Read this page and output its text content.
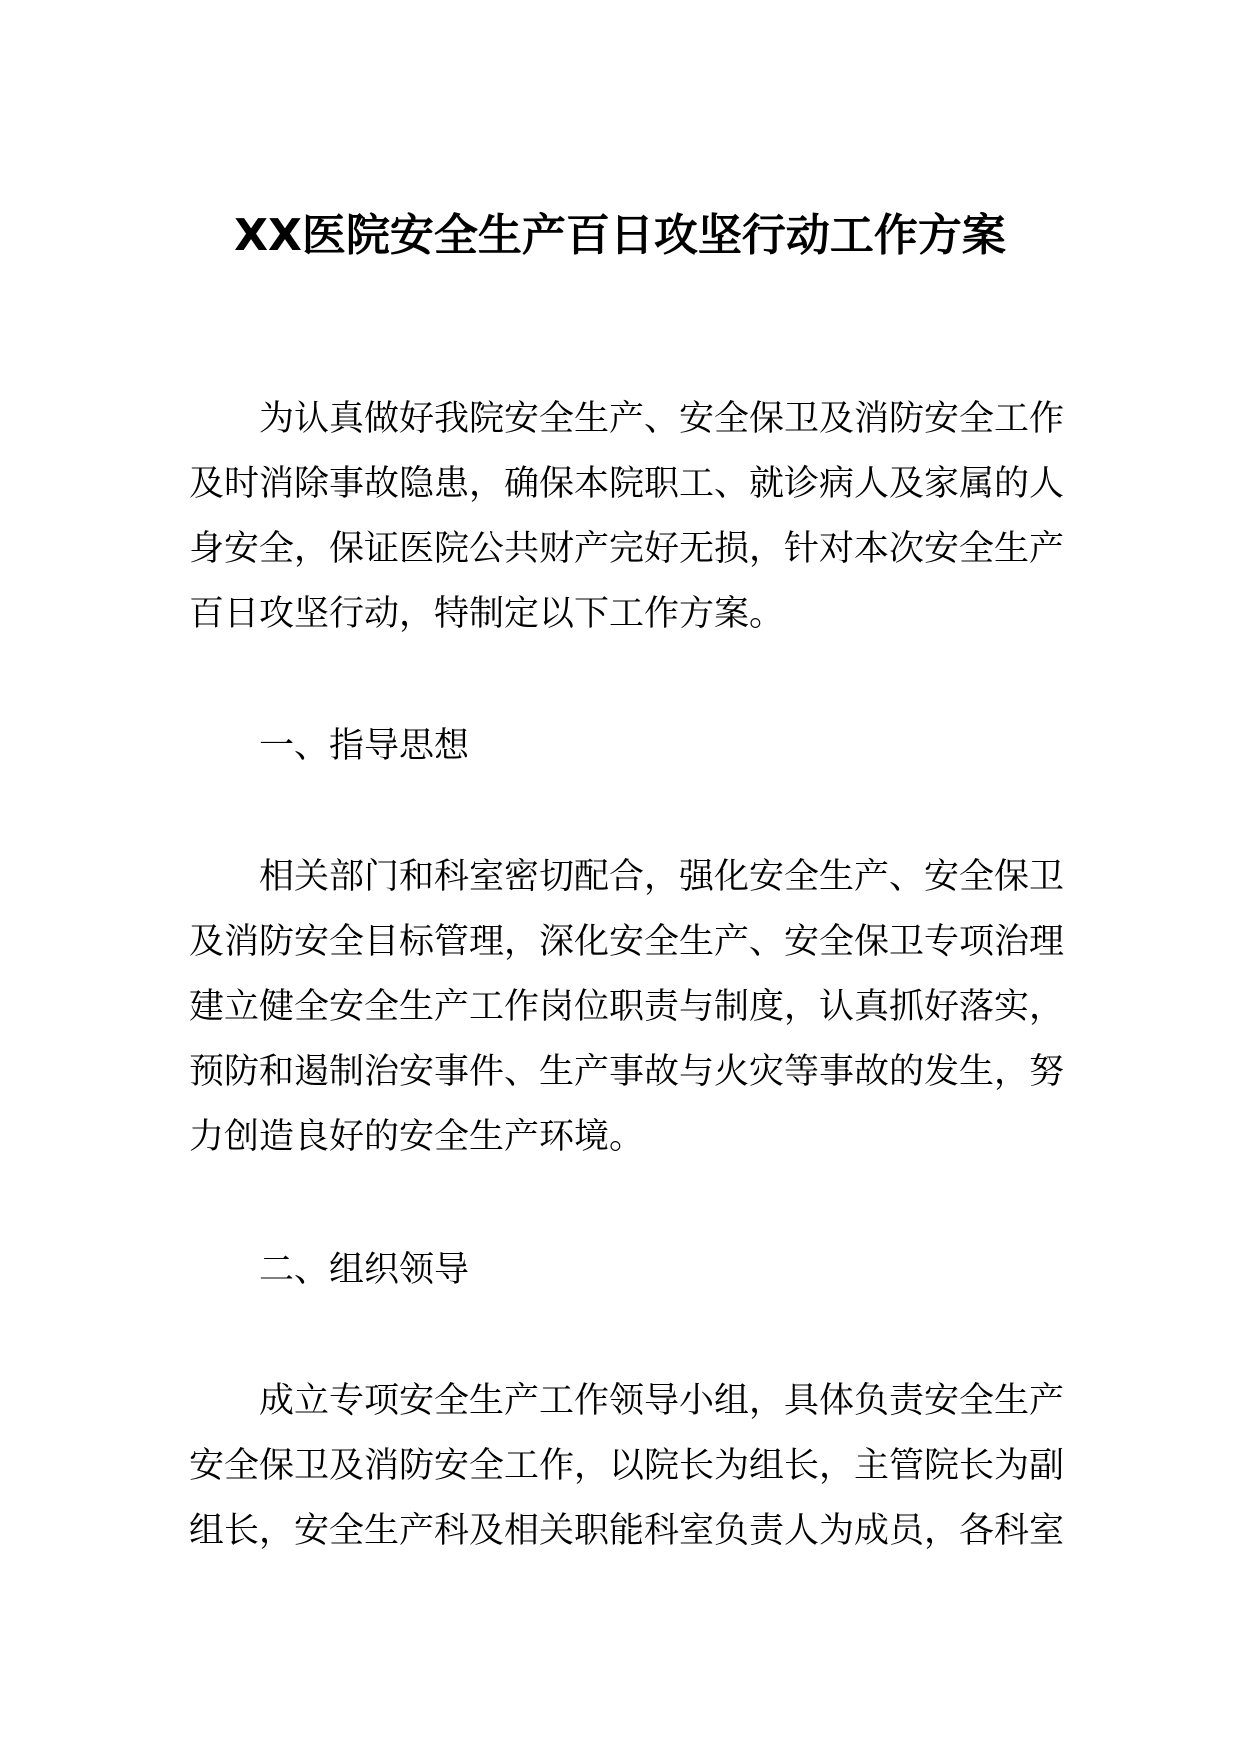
XX医院安全生产百日攻坚行动工作方案
为认真做好我院安全生产、安全保卫及消防安全工作
及时消除事故隐患，确保本院职工、就诊病人及家属的人
身安全，保证医院公共财产完好无损，针对本次安全生产
百日攻坚行动，特制定以下工作方案。
一、指导思想
相关部门和科室密切配合，强化安全生产、安全保卫
及消防安全目标管理，深化安全生产、安全保卫专项治理
建立健全安全生产工作岗位职责与制度，认真抓好落实，
预防和遏制治安事件、生产事故与火灾等事故的发生，努
力创造良好的安全生产环境。
二、组织领导
成立专项安全生产工作领导小组，具体负责安全生产
安全保卫及消防安全工作，以院长为组长，主管院长为副
组长，安全生产科及相关职能科室负责人为成员，各科室
